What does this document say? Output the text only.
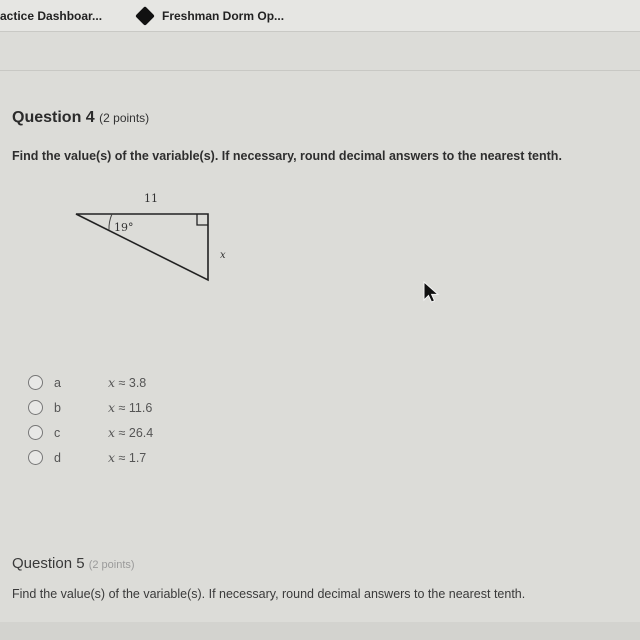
actice Dashboar...	Freshman Dorm Op...
Question 4 (2 points)
Find the value(s) of the variable(s). If necessary, round decimal answers to the nearest tenth.
11
19°
x
a	x ≈ 3.8
b	x ≈ 11.6
c	x ≈ 26.4
d	x ≈ 1.7
Question 5 (2 points)
Find the value(s) of the variable(s). If necessary, round decimal answers to the nearest tenth.
